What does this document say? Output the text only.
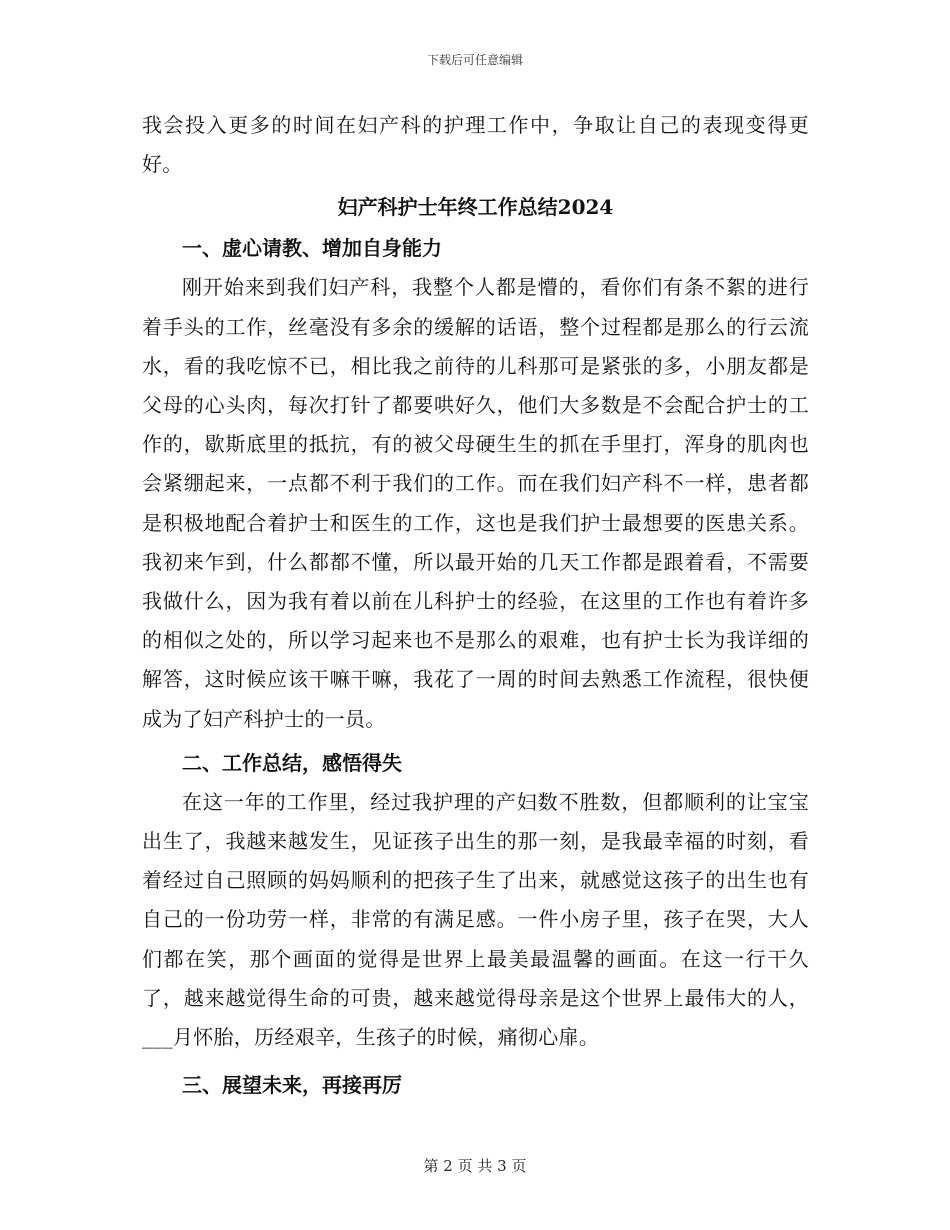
下载后可任意编辑

我会投入更多的时间在妇产科的护理工作中，争取让自己的表现变得更好。

妇产科护士年终工作总结2024
一、虚心请教、增加自身能力

刚开始来到我们妇产科，我整个人都是懵的，看你们有条不絮的进行着手头的工作，丝毫没有多余的缓解的话语，整个过程都是那么的行云流水，看的我吃惊不已，相比我之前待的儿科那可是紧张的多，小朋友都是父母的心头肉，每次打针了都要哄好久，他们大多数是不会配合护士的工作的，歇斯底里的抵抗，有的被父母硬生生的抓在手里打，浑身的肌肉也会紧绷起来，一点都不利于我们的工作。而在我们妇产科不一样，患者都是积极地配合着护士和医生的工作，这也是我们护士最想要的医患关系。我初来乍到，什么都都不懂，所以最开始的几天工作都是跟着看，不需要我做什么，因为我有着以前在儿科护士的经验，在这里的工作也有着许多的相似之处的，所以学习起来也不是那么的艰难，也有护士长为我详细的解答，这时候应该干嘛干嘛，我花了一周的时间去熟悉工作流程，很快便成为了妇产科护士的一员。

二、工作总结，感悟得失

在这一年的工作里，经过我护理的产妇数不胜数，但都顺利的让宝宝出生了，我越来越发生，见证孩子出生的那一刻，是我最幸福的时刻，看着经过自己照顾的妈妈顺利的把孩子生了出来，就感觉这孩子的出生也有自己的一份功劳一样，非常的有满足感。一件小房子里，孩子在哭，大人们都在笑，那个画面的觉得是世界上最美最温馨的画面。在这一行干久了，越来越觉得生命的可贵，越来越觉得母亲是这个世界上最伟大的人，___月怀胎，历经艰辛，生孩子的时候，痛彻心扉。

三、展望未来，再接再厉
第 2 页 共 3 页
